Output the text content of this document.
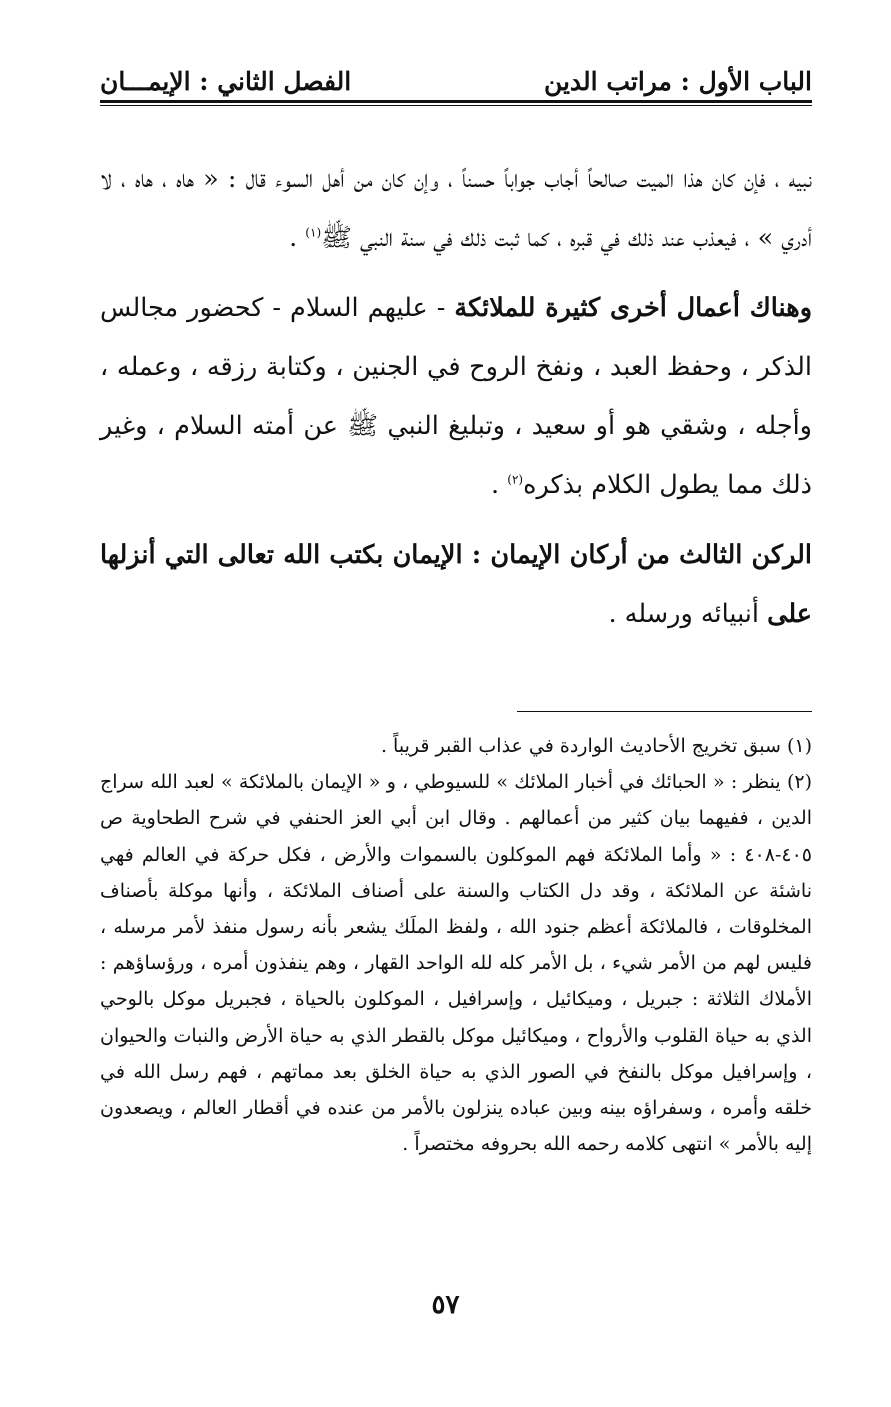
الباب الأول : مراتب الدين
الفصل الثاني : الإيمـــان

نبيه ، فإن كان هذا الميت صالحاً أجاب جواباً حسناً ، وإن كان من أهل السوء قال : « هاه ، هاه ، لا أدري » ، فيعذب عند ذلك في قبره ، كما ثبت ذلك في سنة النبي ﷺ$^{(١)}$ .

وهناك أعمال أخرى كثيرة للملائكة - عليهم السلام - كحضور مجالس الذكر ، وحفظ العبد ، ونفخ الروح في الجنين ، وكتابة رزقه ، وعمله ، وأجله ، وشقي هو أو سعيد ، وتبليغ النبي ﷺ عن أمته السلام ، وغير ذلك مما يطول الكلام بذكره$^{(٢)}$ .

الركن الثالث من أركان الإيمان : الإيمان بكتب الله تعالى التي أنزلها على أنبيائه ورسله .

(١) سبق تخريج الأحاديث الواردة في عذاب القبر قريباً .

(٢) ينظر : « الحبائك في أخبار الملائك » للسيوطي ، و « الإيمان بالملائكة » لعبد الله سراج الدين ، ففيهما بيان كثير من أعمالهم . وقال ابن أبي العز الحنفي في شرح الطحاوية ص ٤٠٥-٤٠٨ : « وأما الملائكة فهم الموكلون بالسموات والأرض ، فكل حركة في العالم فهي ناشئة عن الملائكة ، وقد دل الكتاب والسنة على أصناف الملائكة ، وأنها موكلة بأصناف المخلوقات ، فالملائكة أعظم جنود الله ، ولفظ الملَك يشعر بأنه رسول منفذ لأمر مرسله ، فليس لهم من الأمر شيء ، بل الأمر كله لله الواحد القهار ، وهم ينفذون أمره ، ورؤساؤهم : الأملاك الثلاثة : جبريل ، وميكائيل ، وإسرافيل ، الموكلون بالحياة ، فجبريل موكل بالوحي الذي به حياة القلوب والأرواح ، وميكائيل موكل بالقطر الذي به حياة الأرض والنبات والحيوان ، وإسرافيل موكل بالنفخ في الصور الذي به حياة الخلق بعد مماتهم ، فهم رسل الله في خلقه وأمره ، وسفراؤه بينه وبين عباده ينزلون بالأمر من عنده في أقطار العالم ، ويصعدون إليه بالأمر » انتهى كلامه رحمه الله بحروفه مختصراً .

٥٧
